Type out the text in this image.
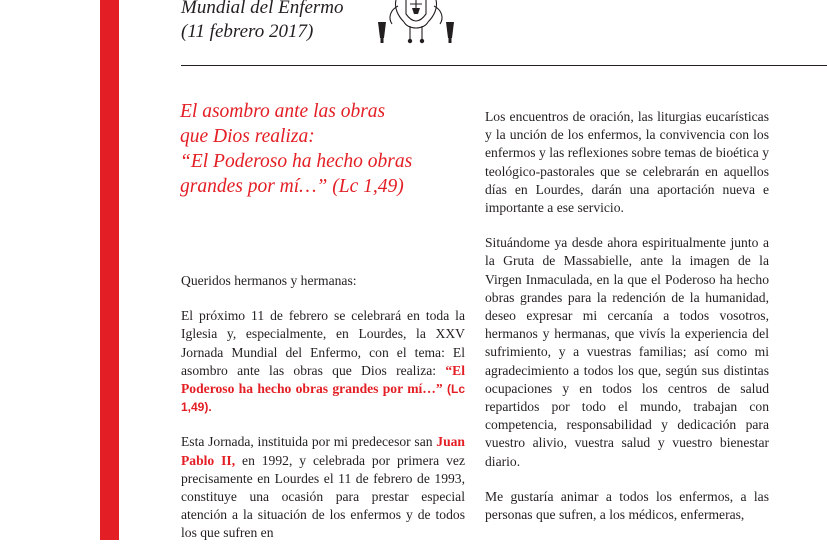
Mundial del Enfermo
(11 febrero 2017)
El asombro ante las obras
que Dios realiza:
“El Poderoso ha hecho obras
grandes por mí…” (Lc 1,49)

Queridos hermanos y hermanas:

El próximo 11 de febrero se celebrará en toda la Iglesia y, especialmente, en Lourdes, la XXV Jornada Mundial del Enfermo, con el tema: El asombro ante las obras que Dios realiza: “El Poderoso ha hecho obras grandes por mí…” (Lc 1,49).

Esta Jornada, instituida por mi predecesor san Juan Pablo II, en 1992, y celebrada por primera vez precisamente en Lourdes el 11 de febrero de 1993, constituye una ocasión para prestar especial atención a la situación de los enfermos y de todos los que sufren en

Los encuentros de oración, las liturgias eucarísticas y la unción de los enfermos, la convivencia con los enfermos y las reflexiones sobre temas de bioética y teológico-pastorales que se celebrarán en aquellos días en Lourdes, darán una aportación nueva e importante a ese servicio.

Situándome ya desde ahora espiritualmente junto a la Gruta de Massabielle, ante la imagen de la Virgen Inmaculada, en la que el Poderoso ha hecho obras grandes para la redención de la humanidad, deseo expresar mi cercanía a todos vosotros, hermanos y hermanas, que vivís la experiencia del sufrimiento, y a vuestras familias; así como mi agradecimiento a todos los que, según sus distintas ocupaciones y en todos los centros de salud repartidos por todo el mundo, trabajan con competencia, responsabilidad y dedicación para vuestro alivio, vuestra salud y vuestro bienestar diario.

Me gustaría animar a todos los enfermos, a las personas que sufren, a los médicos, enfermeras,
